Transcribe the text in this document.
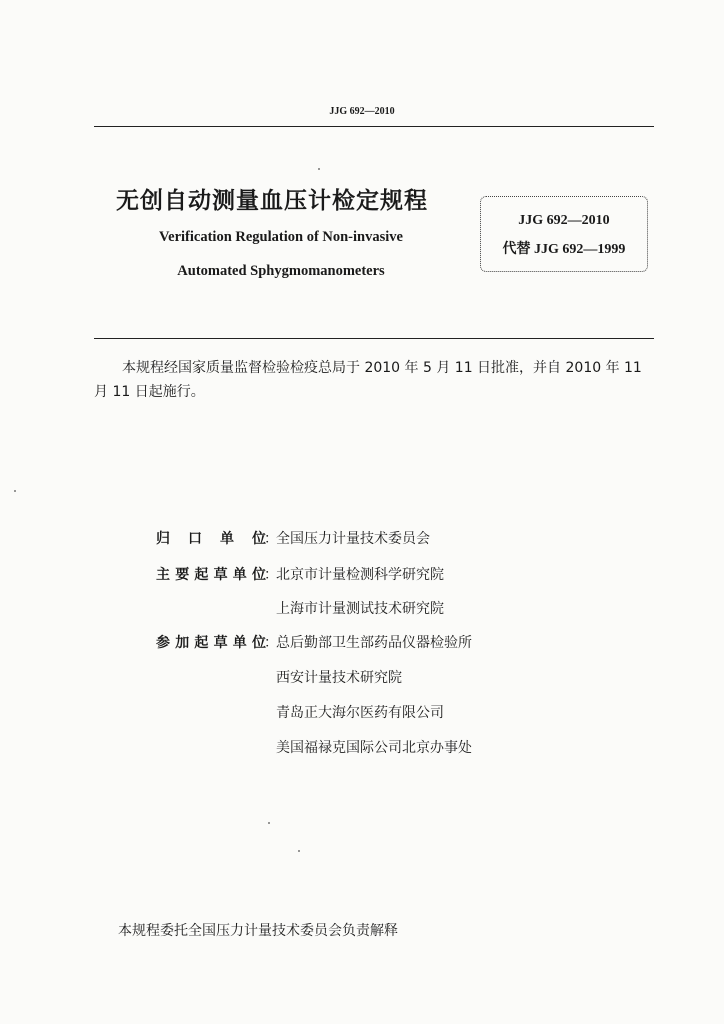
JJG 692—2010
无创自动测量血压计检定规程
Verification Regulation of Non-invasive
Automated Sphygmomanometers
JJG 692—2010
代替 JJG 692—1999
本规程经国家质量监督检验检疫总局于 2010 年 5 月 11 日批准，并自 2010 年 11 月 11 日起施行。
归口单位
：
全国压力计量技术委员会
主要起草单位
：
北京市计量检测科学研究院
上海市计量测试技术研究院
参加起草单位
：
总后勤部卫生部药品仪器检验所
西安计量技术研究院
青岛正大海尔医药有限公司
美国福禄克国际公司北京办事处
本规程委托全国压力计量技术委员会负责解释
